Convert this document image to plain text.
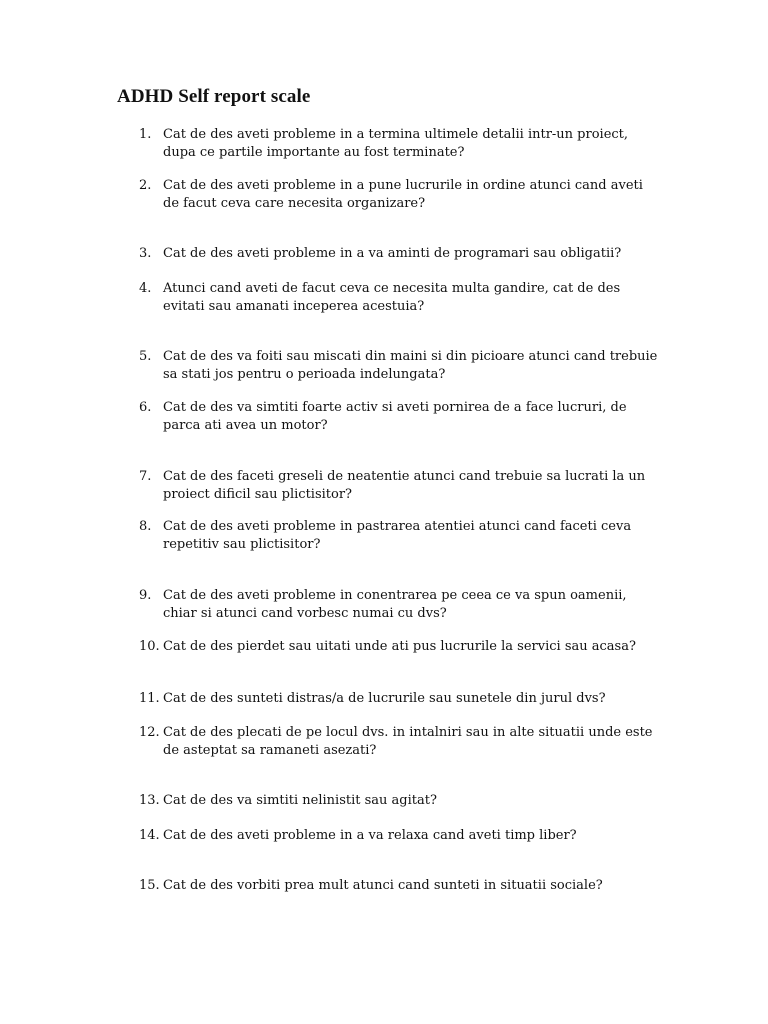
ADHD Self report scale
1. Cat de des aveti probleme in a termina ultimele detalii intr-un proiect,
dupa ce partile importante au fost terminate?
2. Cat de des aveti probleme in a pune lucrurile in ordine atunci cand aveti
de facut ceva care necesita organizare?
3. Cat de des aveti probleme in a va aminti de programari sau obligatii?
4. Atunci cand aveti de facut ceva ce necesita multa gandire, cat de des
evitati sau amanati inceperea acestuia?
5. Cat de des va foiti sau miscati din maini si din picioare atunci cand trebuie
sa stati jos pentru o perioada indelungata?
6. Cat de des va simtiti foarte activ si aveti pornirea de a face lucruri, de
parca ati avea un motor?
7. Cat de des faceti greseli de neatentie atunci cand trebuie sa lucrati la un
proiect dificil sau plictisitor?
8. Cat de des aveti probleme in pastrarea atentiei atunci cand faceti ceva
repetitiv sau plictisitor?
9. Cat de des aveti probleme in conentrarea pe ceea ce va spun oamenii,
chiar si atunci cand vorbesc numai cu dvs?
10. Cat de des pierdet sau uitati unde ati pus lucrurile la servici sau acasa?
11. Cat de des sunteti distras/a de lucrurile sau sunetele din jurul dvs?
12. Cat de des plecati de pe locul dvs. in intalniri sau in alte situatii unde este
de asteptat sa ramaneti asezati?
13. Cat de des va simtiti nelinistit sau agitat?
14. Cat de des aveti probleme in a va relaxa cand aveti timp liber?
15. Cat de des vorbiti prea mult atunci cand sunteti in situatii sociale?
